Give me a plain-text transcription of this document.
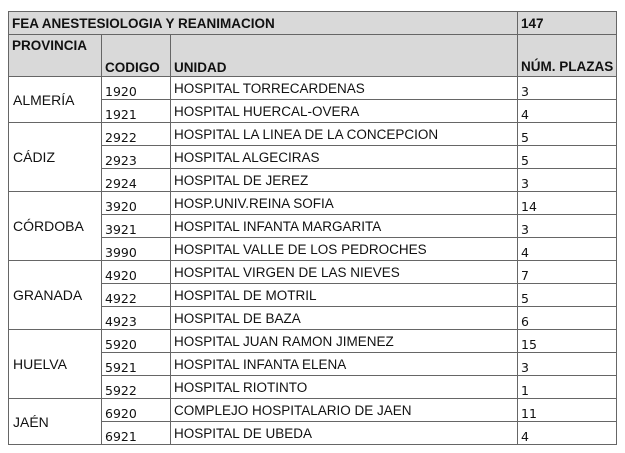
FEA ANESTESIOLOGIA Y REANIMACION			147
PROVINCIA	CODIGO	UNIDAD	NÚM. PLAZAS
ALMERÍA	1920	HOSPITAL TORRECARDENAS	3
	1921	HOSPITAL HUERCAL-OVERA	4
CÁDIZ	2922	HOSPITAL LA LINEA DE LA CONCEPCION	5
	2923	HOSPITAL ALGECIRAS	5
	2924	HOSPITAL DE JEREZ	3
CÓRDOBA	3920	HOSP.UNIV.REINA SOFIA	14
	3921	HOSPITAL INFANTA MARGARITA	3
	3990	HOSPITAL VALLE DE LOS PEDROCHES	4
GRANADA	4920	HOSPITAL VIRGEN DE LAS NIEVES	7
	4922	HOSPITAL DE MOTRIL	5
	4923	HOSPITAL DE BAZA	6
HUELVA	5920	HOSPITAL JUAN RAMON JIMENEZ	15
	5921	HOSPITAL INFANTA ELENA	3
	5922	HOSPITAL RIOTINTO	1
JAÉN	6920	COMPLEJO HOSPITALARIO DE JAEN	11
	6921	HOSPITAL DE UBEDA	4
